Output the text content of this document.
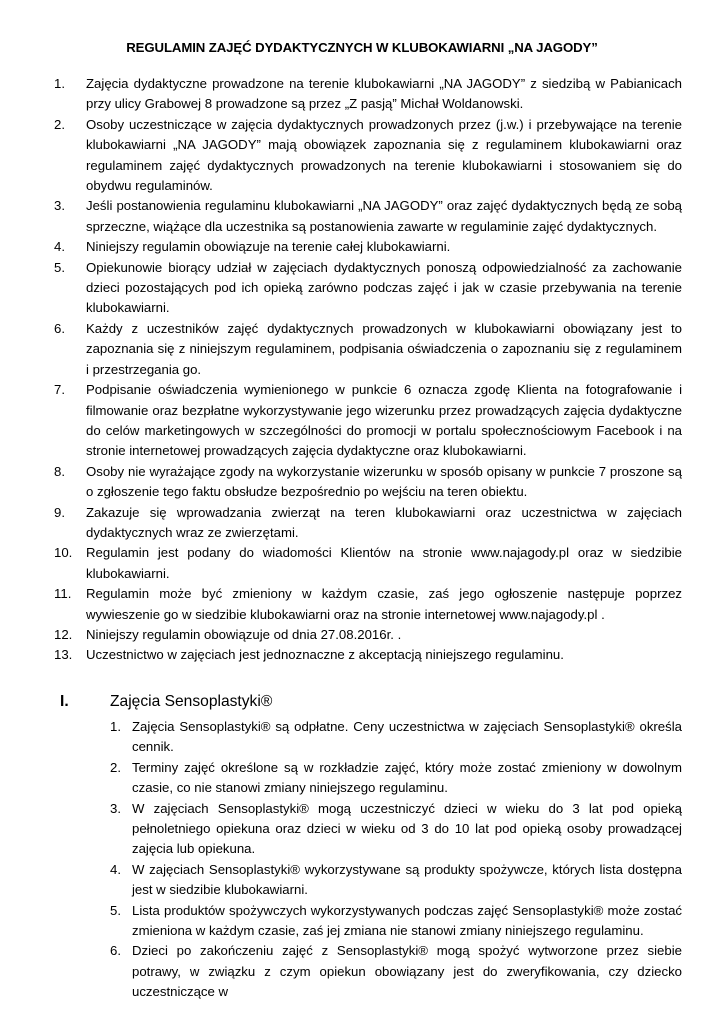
REGULAMIN ZAJĘĆ DYDAKTYCZNYCH W KLUBOKAWIARNI „NA JAGODY”
1. Zajęcia dydaktyczne prowadzone na terenie klubokawiarni „NA JAGODY” z siedzibą w Pabianicach przy ulicy Grabowej 8 prowadzone są przez „Z pasją” Michał Woldanowski.
2. Osoby uczestniczące w zajęcia dydaktycznych prowadzonych przez (j.w.) i przebywające na terenie klubokawiarni „NA JAGODY” mają obowiązek zapoznania się z regulaminem klubokawiarni oraz regulaminem zajęć dydaktycznych prowadzonych na terenie klubokawiarni i stosowaniem się do obydwu regulaminów.
3. Jeśli postanowienia regulaminu klubokawiarni „NA JAGODY” oraz zajęć dydaktycznych będą ze sobą sprzeczne, wiążące dla uczestnika są postanowienia zawarte w regulaminie zajęć dydaktycznych.
4. Niniejszy regulamin obowiązuje na terenie całej klubokawiarni.
5. Opiekunowie biorący udział w zajęciach dydaktycznych ponoszą odpowiedzialność za zachowanie dzieci pozostających pod ich opieką zarówno podczas zajęć i jak w czasie przebywania na terenie klubokawiarni.
6. Każdy z uczestników zajęć dydaktycznych prowadzonych w klubokawiarni obowiązany jest to zapoznania się z niniejszym regulaminem, podpisania oświadczenia o zapoznaniu się z regulaminem i przestrzegania go.
7. Podpisanie oświadczenia wymienionego w punkcie 6 oznacza zgodę Klienta na fotografowanie i filmowanie oraz bezpłatne wykorzystywanie jego wizerunku przez prowadzących zajęcia dydaktyczne do celów marketingowych w szczególności do promocji w portalu społecznościowym Facebook i na stronie internetowej prowadzących zajęcia dydaktyczne oraz klubokawiarni.
8. Osoby nie wyrażające zgody na wykorzystanie wizerunku w sposób opisany w punkcie 7 proszone są o zgłoszenie tego faktu obsłudze bezpośrednio po wejściu na teren obiektu.
9. Zakazuje się wprowadzania zwierząt na teren klubokawiarni oraz uczestnictwa w zajęciach dydaktycznych wraz ze zwierzętami.
10. Regulamin jest podany do wiadomości Klientów na stronie www.najagody.pl oraz w siedzibie klubokawiarni.
11. Regulamin może być zmieniony w każdym czasie, zaś jego ogłoszenie następuje poprzez wywieszenie go w siedzibie klubokawiarni oraz na stronie internetowej www.najagody.pl .
12. Niniejszy regulamin obowiązuje od dnia 27.08.2016r. .
13. Uczestnictwo w zajęciach jest jednoznaczne z akceptacją niniejszego regulaminu.
I.	Zajęcia Sensoplastyki®
1. Zajęcia Sensoplastyki® są odpłatne. Ceny uczestnictwa w zajęciach Sensoplastyki® określa cennik.
2. Terminy zajęć określone są w rozkładzie zajęć, który może zostać zmieniony w dowolnym czasie, co nie stanowi zmiany niniejszego regulaminu.
3. W zajęciach Sensoplastyki® mogą uczestniczyć dzieci w wieku do 3 lat pod opieką pełnoletniego opiekuna oraz dzieci w wieku od 3 do 10 lat pod opieką osoby prowadzącej zajęcia lub opiekuna.
4. W zajęciach Sensoplastyki® wykorzystywane są produkty spożywcze, których lista dostępna jest w siedzibie klubokawiarni.
5. Lista produktów spożywczych wykorzystywanych podczas zajęć Sensoplastyki® może zostać zmieniona w każdym czasie, zaś jej zmiana nie stanowi zmiany niniejszego regulaminu.
6. Dzieci po zakończeniu zajęć z Sensoplastyki® mogą spożyć wytworzone przez siebie potrawy, w związku z czym opiekun obowiązany jest do zweryfikowania, czy dziecko uczestniczące w
